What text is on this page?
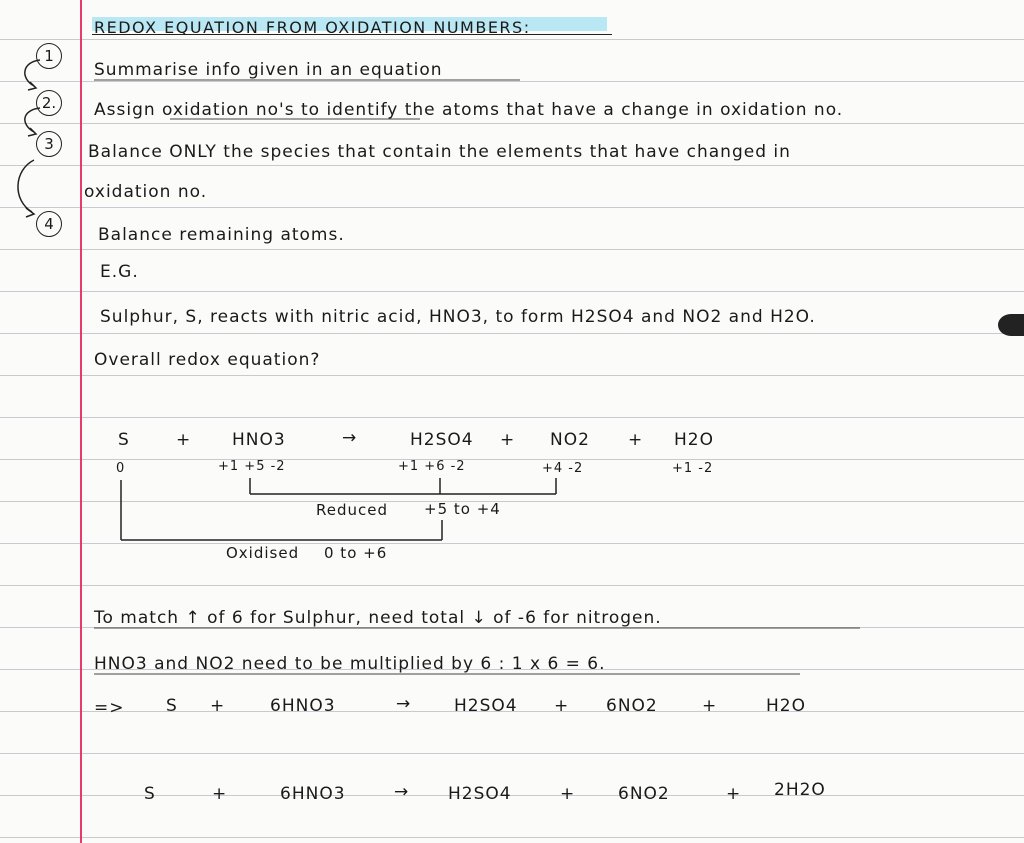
REDOX EQUATION FROM OXIDATION NUMBERS:
1
2.
3
4
Summarise info given in an equation
Assign oxidation no's to identify the atoms that have a change in oxidation no.
Balance ONLY the species that contain the elements that have changed in
oxidation no.
Balance remaining atoms.
E.G.
Sulphur, S, reacts with nitric acid, HNO3, to form H2SO4 and NO2 and H2O.
Overall redox equation?
S	+ HNO3	→	H2SO4 + NO2 + H2O
0	+1 +5 -2	+1 +6 -2	+4 -2	+1 -2
Reduced +5 to +4
Oxidised 0 to +6
To match ↑ of 6 for Sulphur, need total ↓ of -6 for nitrogen.
HNO3 and NO2 need to be multiplied by 6 : 1 x 6 = 6.
=> S +	6HNO3	→	H2SO4 + 6NO2	+	H2O
S	+	6HNO3	→ H2SO4	+	6NO2	+ 2H2O
